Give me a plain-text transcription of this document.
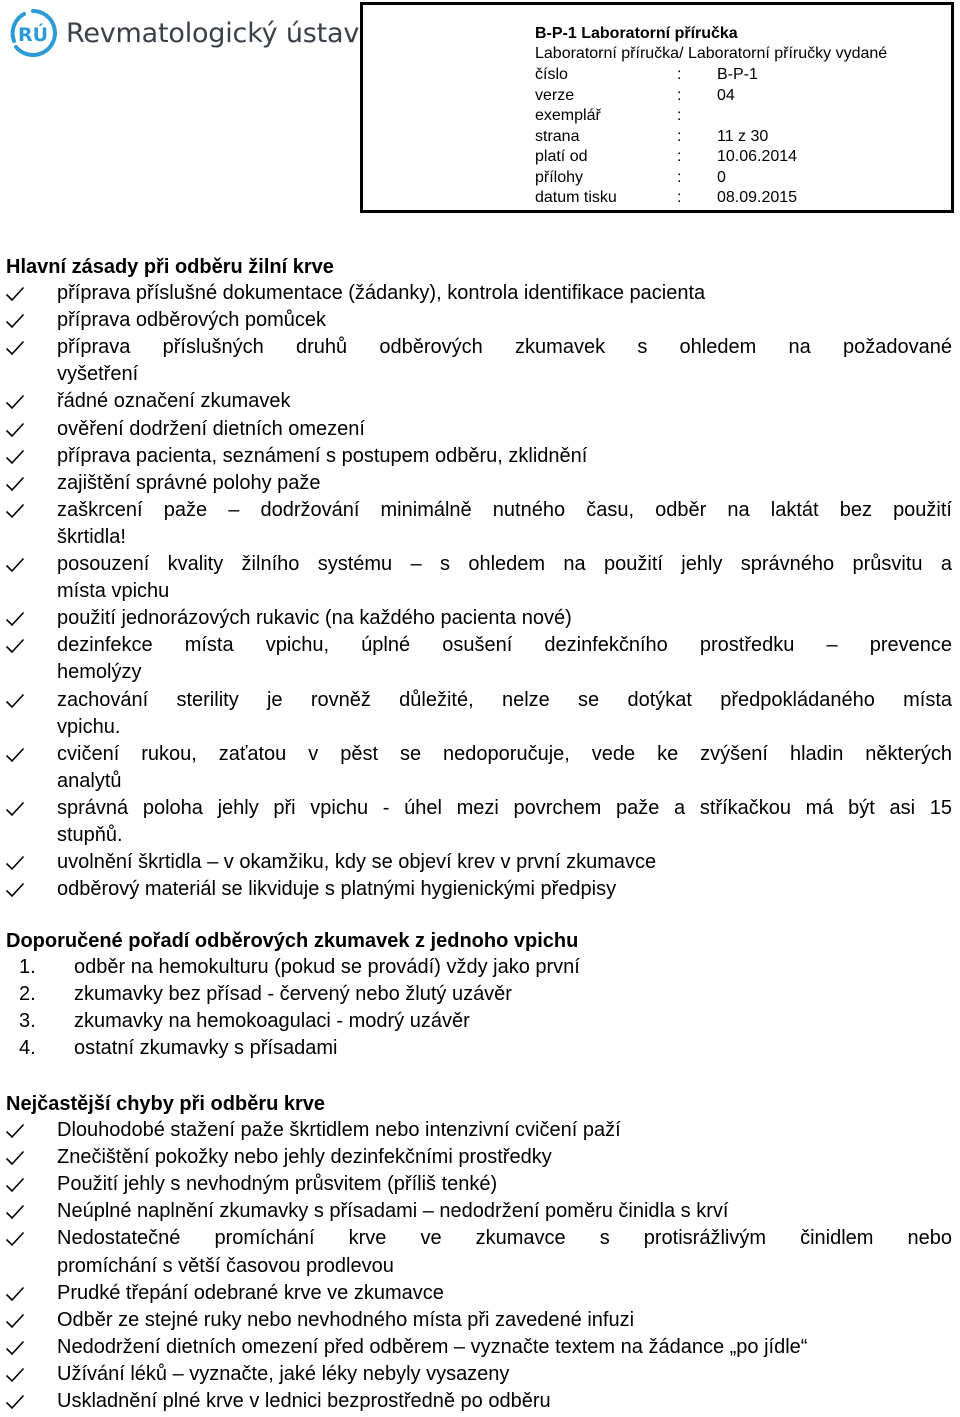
RÚ Revmatologický ústav	B-P-1 Laboratorní příručka
Laboratorní příručka/ Laboratorní příručky vydané
číslo	:	B-P-1
verze	:	04
exemplář	:
strana	:	11 z 30
platí od	:	10.06.2014
přílohy	:	0
datum tisku	:	08.09.2015
Hlavní zásady při odběru žilní krve
příprava příslušné dokumentace (žádanky), kontrola identifikace pacienta
příprava odběrových pomůcek
příprava příslušných druhů odběrových zkumavek s ohledem na požadované
vyšetření
řádné označení zkumavek
ověření dodržení dietních omezení
příprava pacienta, seznámení s postupem odběru, zklidnění
zajištění správné polohy paže
zaškrcení paže – dodržování minimálně nutného času, odběr na laktát bez použití
škrtidla!
posouzení kvality žilního systému – s ohledem na použití jehly správného průsvitu a
místa vpichu
použití jednorázových rukavic (na každého pacienta nové)
dezinfekce místa vpichu, úplné osušení dezinfekčního prostředku – prevence
hemolýzy
zachování sterility je rovněž důležité, nelze se dotýkat předpokládaného místa
vpichu.
cvičení rukou, zaťatou v pěst se nedoporučuje, vede ke zvýšení hladin některých
analytů
správná poloha jehly při vpichu - úhel mezi povrchem paže a stříkačkou má být asi 15
stupňů.
uvolnění škrtidla – v okamžiku, kdy se objeví krev v první zkumavce
odběrový materiál se likviduje s platnými hygienickými předpisy
Doporučené pořadí odběrových zkumavek z jednoho vpichu
1. odběr na hemokulturu (pokud se provádí) vždy jako první
2. zkumavky bez přísad - červený nebo žlutý uzávěr
3. zkumavky na hemokoagulaci - modrý uzávěr
4. ostatní zkumavky s přísadami
Nejčastější chyby při odběru krve
Dlouhodobé stažení paže škrtidlem nebo intenzivní cvičení paží
Znečištění pokožky nebo jehly dezinfekčními prostředky
Použití jehly s nevhodným průsvitem (příliš tenké)
Neúplné naplnění zkumavky s přísadami – nedodržení poměru činidla s krví
Nedostatečné promíchání krve ve zkumavce s protisrážlivým činidlem nebo
promíchání s větší časovou prodlevou
Prudké třepání odebrané krve ve zkumavce
Odběr ze stejné ruky nebo nevhodného místa při zavedené infuzi
Nedodržení dietních omezení před odběrem – vyznačte textem na žádance „po jídle“
Užívání léků – vyznačte, jaké léky nebyly vysazeny
Uskladnění plné krve v lednici bezprostředně po odběru
